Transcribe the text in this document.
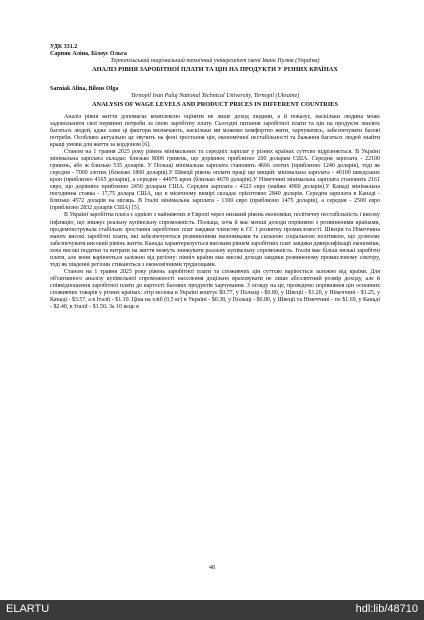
УДК 331.2
Сарняк Аліна, Білоус Ольга
Тернопільський національний технічний університет імені Івана Пулюя (Україна)
АНАЛІЗ РІВНЯ ЗАРОБІТНОЇ ПЛАТИ ТА ЦІН НА ПРОДУКТИ У РІЗНИХ КРАЇНАХ
Sarniak Alina, Bilous Olga
Ternopil Ivan Puluj National Technical University, Ternopil (Ukraine)
ANALYSIS OF WAGE LEVELS AND PRODUCT PRICES IN DIFFERENT COUNTRIES

Аналіз рівня життя допомагає комплексно оцінити не лише доход людини, а й показує, наскільки людина може задовольнити свої первинні потреби за свою заробітну плату. Сьогодні питання заробітної плати та цін на продукти хвилює багатьох людей, адже саме ці фактори визначають, наскільки ми можемо комфортно жити, харчуватись, забезпечувати базові потреби. Особливо актуально це звучить на фоні зростання цін, економічної нестабільності та бажання багатьох людей знайти кращі умови для життя за кордоном [6].

Станом на 1 травня 2025 року рівень мінімальних та середніх зарплат у різних країнах суттєво відрізняється. В Україні мінімальна зарплата складає: близько 8000 гривень, що дорівнює приблизно 200 доларам США. Середня зарплата - 22100 гривень, або ж близько 535 доларів. У Польщі мінімальна зарплата становить 4666 злотих (приблизно 1240 доларів), тоді як середня - 7000 злотих (близько 1860 доларів).У Швеції рівень оплати праці ще вищий: мінімальна зарплата - 40100 шведських крон (приблизно 4165 доларів), а середня - 44975 крон (близько 4670 доларів).У Німеччині мінімальна зарплата становить 2161 євро, що дорівнює приблизно 2450 доларам США. Середня зарплата - 4323 євро (майже 4900 доларів).У Канаді мінімальна погодинна ставка - 17,75 долара США, що в місячному вимірі складає орієнтовно 2840 доларів. Середня зарплата в Канаді - близько 4572 доларів на місяць. В Італії мінімальна зарплата - 1300 євро (приблизно 1475 доларів), а середня - 2500 євро (приблизно 2832 доларів США) [5].

В Україні заробітна плата є однією з найнижчих в Європі через низький рівень економіки, політичну нестабільність і високу інфляцію, що знижує реальну купівельну спроможність. Польща, хоча й має менші доходи порівняно з розвиненими країнами, продемонструвала стабільне зростання заробітних плат завдяки членству в ЄС і розвитку промисловості. Швеція та Німеччина мають високі заробітні плати, які забезпечуються розвиненими економіками та сильною соціальною політикою, що дозволяє забезпечувати високий рівень життя. Канада характеризується високим рівнем заробітних плат завдяки диверсифікації економіки, хоча високі податки та витрати на життя можуть знижувати реальну купівельну спроможність. Італія має більш низькі заробітні плати, але вони варіюються залежно від регіону: північ країни має високі доходи завдяки розвиненому промисловому сектору, тоді як південні регіони стикаються з економічними труднощами.

Станом на 1 травня 2025 року рівень заробітної плати та споживчих цін суттєво варіюється залежно від країни. Для об'єктивного аналізу купівельної спроможності населення доцільно враховувати не лише абсолютний розмір доходу, але й співвідношення заробітної плати до вартості базових продуктів харчування. З огляду на це, проведемо порівняння цін основних споживчих товарів у різних країнах: літр молока в Україні коштує $0.77, у Польщі - $0.80, у Швеції - $1.20, у Німеччині - $1.25, у Канаді - $3.57, а в Італії - $1.10. Ціна на хліб (0,5 кг) в Україні - $0.38, у Польщі - $0.80, у Швеції та Німеччині - по $1.69, у Канаді - $2.40, в Італії - $1.50. За 10 яєць в

48
ELARTU	hdl:lib/48710
